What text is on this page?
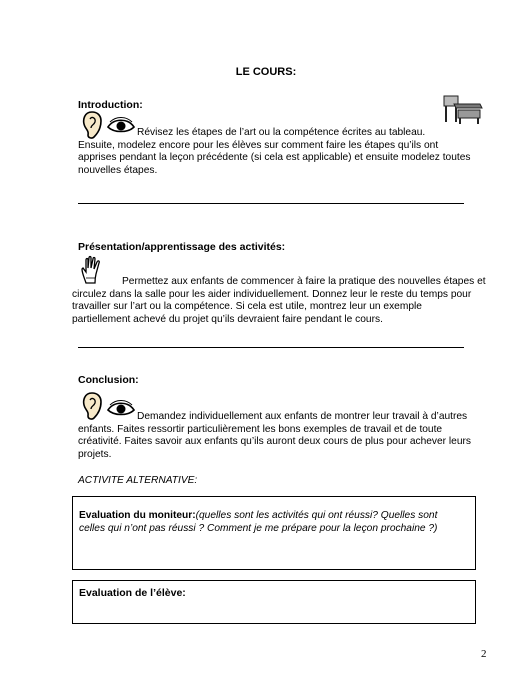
LE COURS:
Introduction:
Révisez les étapes de l’art ou la compétence écrites au tableau.
Ensuite, modelez encore pour les élèves sur comment faire les étapes qu’ils ont
apprises pendant la leçon précédente (si cela est applicable) et ensuite modelez toutes
nouvelles étapes.
Présentation/apprentissage des activités:
Permettez aux enfants de commencer à faire la pratique des nouvelles étapes et
circulez dans la salle pour les aider individuellement. Donnez leur le reste du temps pour
travailler sur l’art ou la compétence. Si cela est utile, montrez leur un exemple
partiellement achevé du projet qu’ils devraient faire pendant le cours.
Conclusion:
Demandez individuellement aux enfants de montrer leur travail à d’autres
enfants. Faites ressortir particulièrement les bons exemples de travail et de toute
créativité. Faites savoir aux enfants qu’ils auront deux cours de plus pour achever leurs
projets.
ACTIVITE ALTERNATIVE:
Evaluation du moniteur:(quelles sont les activités qui ont réussi? Quelles sont
celles qui n’ont pas réussi ? Comment je me prépare pour la leçon prochaine ?)
Evaluation de l’élève:
2
